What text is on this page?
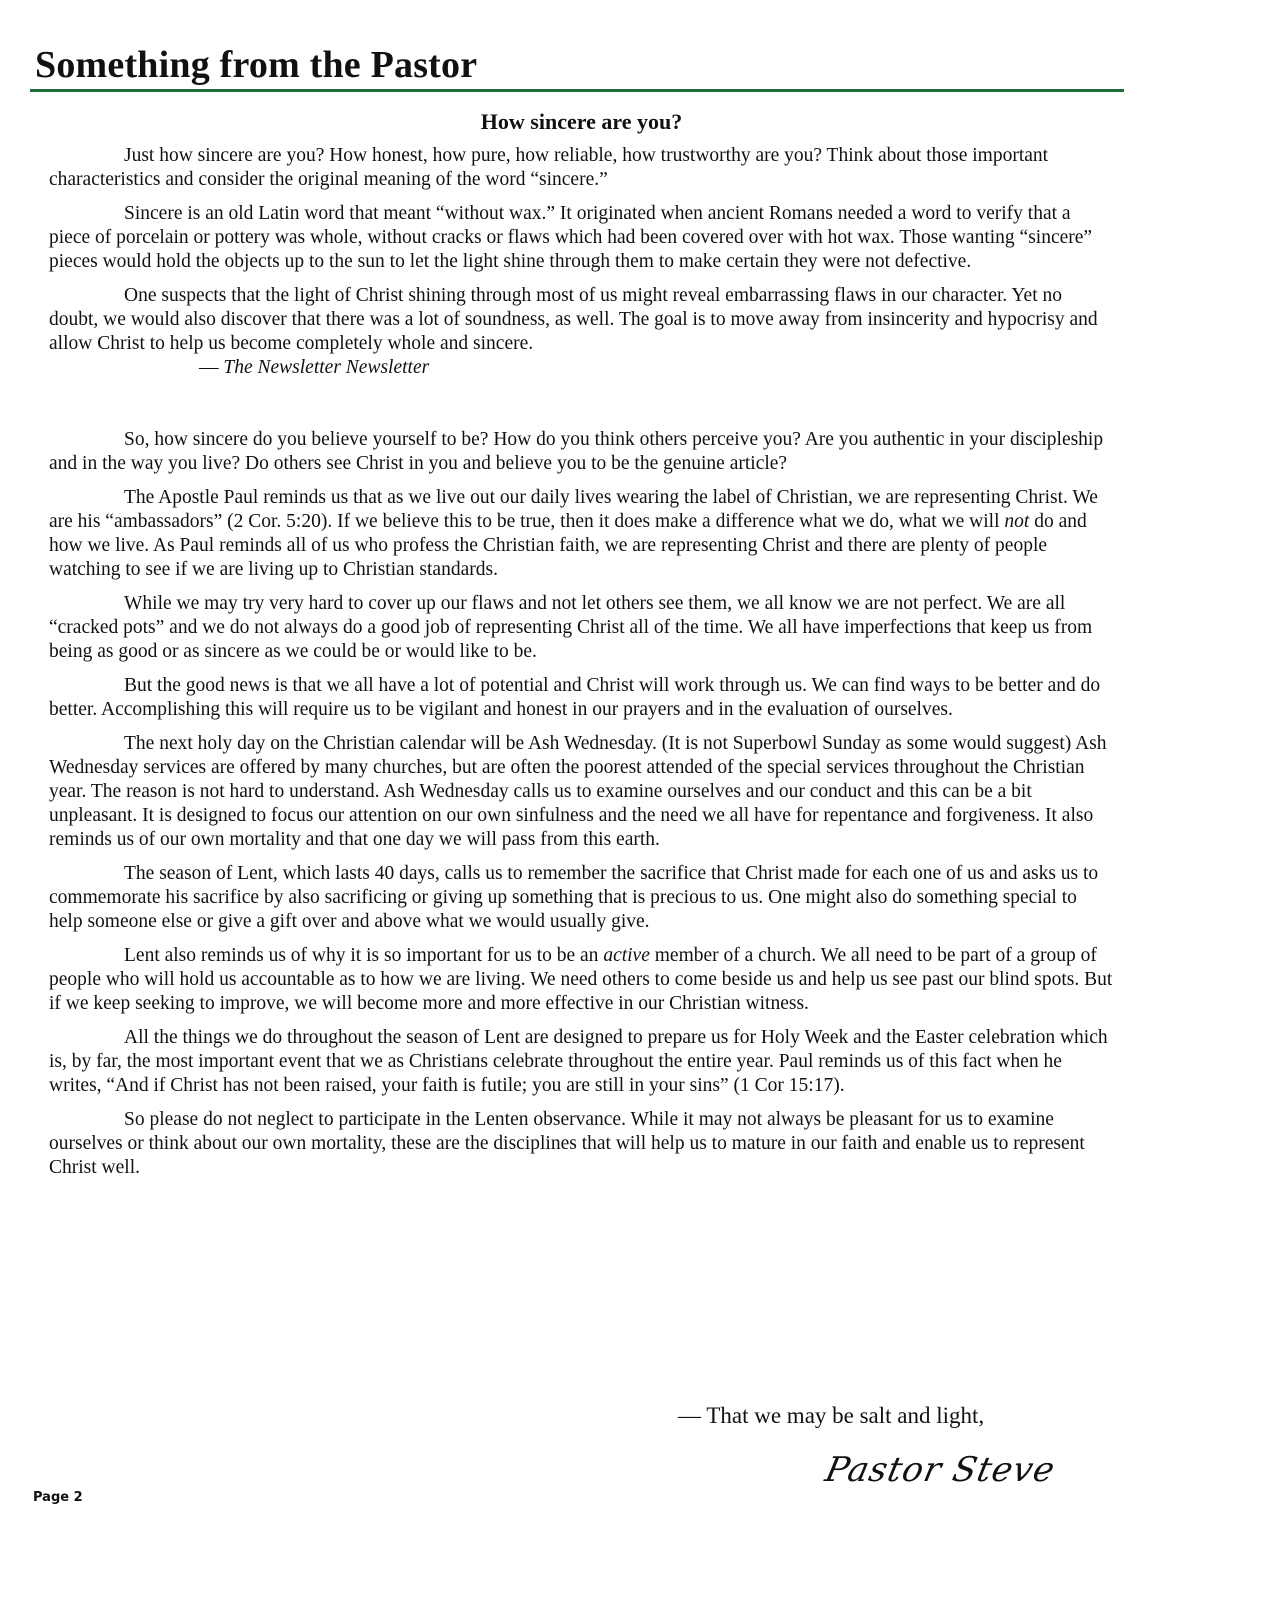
Something from the Pastor
How sincere are you?

Just how sincere are you? How honest, how pure, how reliable, how trustworthy are you? Think about those important characteristics and consider the original meaning of the word “sincere.”

Sincere is an old Latin word that meant “without wax.” It originated when ancient Romans needed a word to verify that a piece of porcelain or pottery was whole, without cracks or flaws which had been covered over with hot wax. Those wanting “sincere” pieces would hold the objects up to the sun to let the light shine through them to make certain they were not defective.

One suspects that the light of Christ shining through most of us might reveal embarrassing flaws in our character. Yet no doubt, we would also discover that there was a lot of soundness, as well. The goal is to move away from insincerity and hypocrisy and allow Christ to help us become completely whole and sincere.

— The Newsletter Newsletter

So, how sincere do you believe yourself to be? How do you think others perceive you? Are you authentic in your discipleship and in the way you live? Do others see Christ in you and believe you to be the genuine article?

The Apostle Paul reminds us that as we live out our daily lives wearing the label of Christian, we are representing Christ. We are his “ambassadors” (2 Cor. 5:20). If we believe this to be true, then it does make a difference what we do, what we will not do and how we live. As Paul reminds all of us who profess the Christian faith, we are representing Christ and there are plenty of people watching to see if we are living up to Christian standards.

While we may try very hard to cover up our flaws and not let others see them, we all know we are not perfect. We are all “cracked pots” and we do not always do a good job of representing Christ all of the time. We all have imperfections that keep us from being as good or as sincere as we could be or would like to be.

But the good news is that we all have a lot of potential and Christ will work through us. We can find ways to be better and do better. Accomplishing this will require us to be vigilant and honest in our prayers and in the evaluation of ourselves.

The next holy day on the Christian calendar will be Ash Wednesday. (It is not Superbowl Sunday as some would suggest) Ash Wednesday services are offered by many churches, but are often the poorest attended of the special services throughout the Christian year. The reason is not hard to understand. Ash Wednesday calls us to examine ourselves and our conduct and this can be a bit unpleasant. It is designed to focus our attention on our own sinfulness and the need we all have for repentance and forgiveness. It also reminds us of our own mortality and that one day we will pass from this earth.

The season of Lent, which lasts 40 days, calls us to remember the sacrifice that Christ made for each one of us and asks us to commemorate his sacrifice by also sacrificing or giving up something that is precious to us. One might also do something special to help someone else or give a gift over and above what we would usually give.

Lent also reminds us of why it is so important for us to be an active member of a church. We all need to be part of a group of people who will hold us accountable as to how we are living. We need others to come beside us and help us see past our blind spots. But if we keep seeking to improve, we will become more and more effective in our Christian witness.

All the things we do throughout the season of Lent are designed to prepare us for Holy Week and the Easter celebration which is, by far, the most important event that we as Christians celebrate throughout the entire year. Paul reminds us of this fact when he writes, “And if Christ has not been raised, your faith is futile; you are still in your sins” (1 Cor 15:17).

So please do not neglect to participate in the Lenten observance. While it may not always be pleasant for us to examine ourselves or think about our own mortality, these are the disciplines that will help us to mature in our faith and enable us to represent Christ well.

— That we may be salt and light,
Pastor Steve
Page 2
